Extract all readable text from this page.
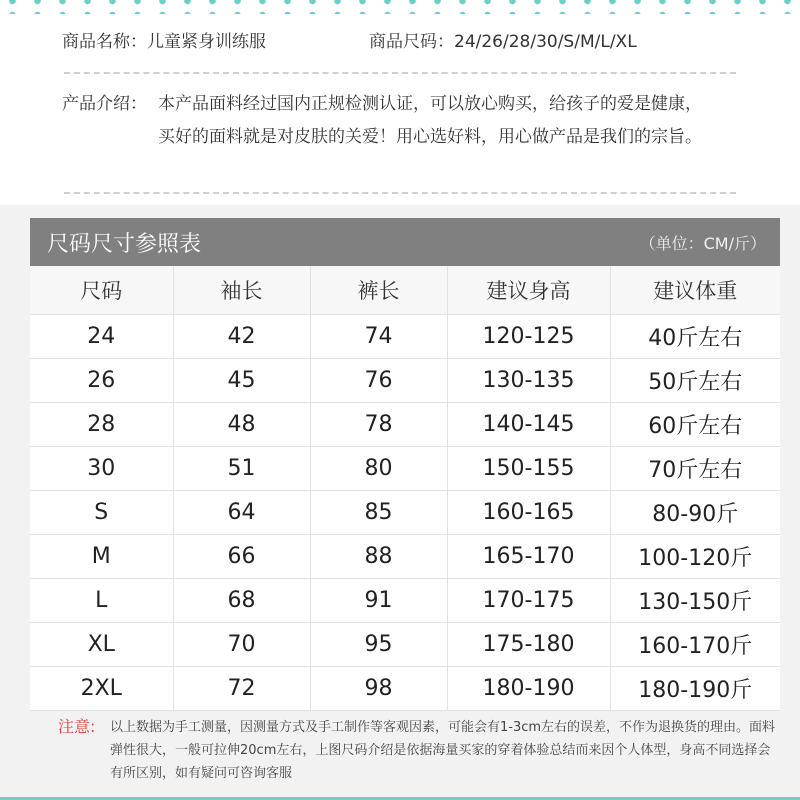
商品名称：儿童紧身训练服	商品尺码：24/26/28/30/S/M/L/XL
产品介绍： 本产品面料经过国内正规检测认证，可以放心购买，给孩子的爱是健康，买好的面料就是对皮肤的关爱！用心选好料，用心做产品是我们的宗旨。
尺码尺寸参照表	（单位：CM/斤）
尺码	袖长	裤长	建议身高	建议体重
24	42	74	120-125	40斤左右
26	45	76	130-135	50斤左右
28	48	78	140-145	60斤左右
30	51	80	150-155	70斤左右
S	64	85	160-165	80-90斤
M	66	88	165-170	100-120斤
L	68	91	170-175	130-150斤
XL	70	95	175-180	160-170斤
2XL	72	98	180-190	180-190斤
注意: 以上数据为手工测量，因测量方式及手工制作等客观因素，可能会有1-3cm左右的误差，不作为退换货的理由。面料弹性很大，一般可拉伸20cm左右，上图尺码介绍是依据海量买家的穿着体验总结而来因个人体型，身高不同选择会有所区别，如有疑问可咨询客服
